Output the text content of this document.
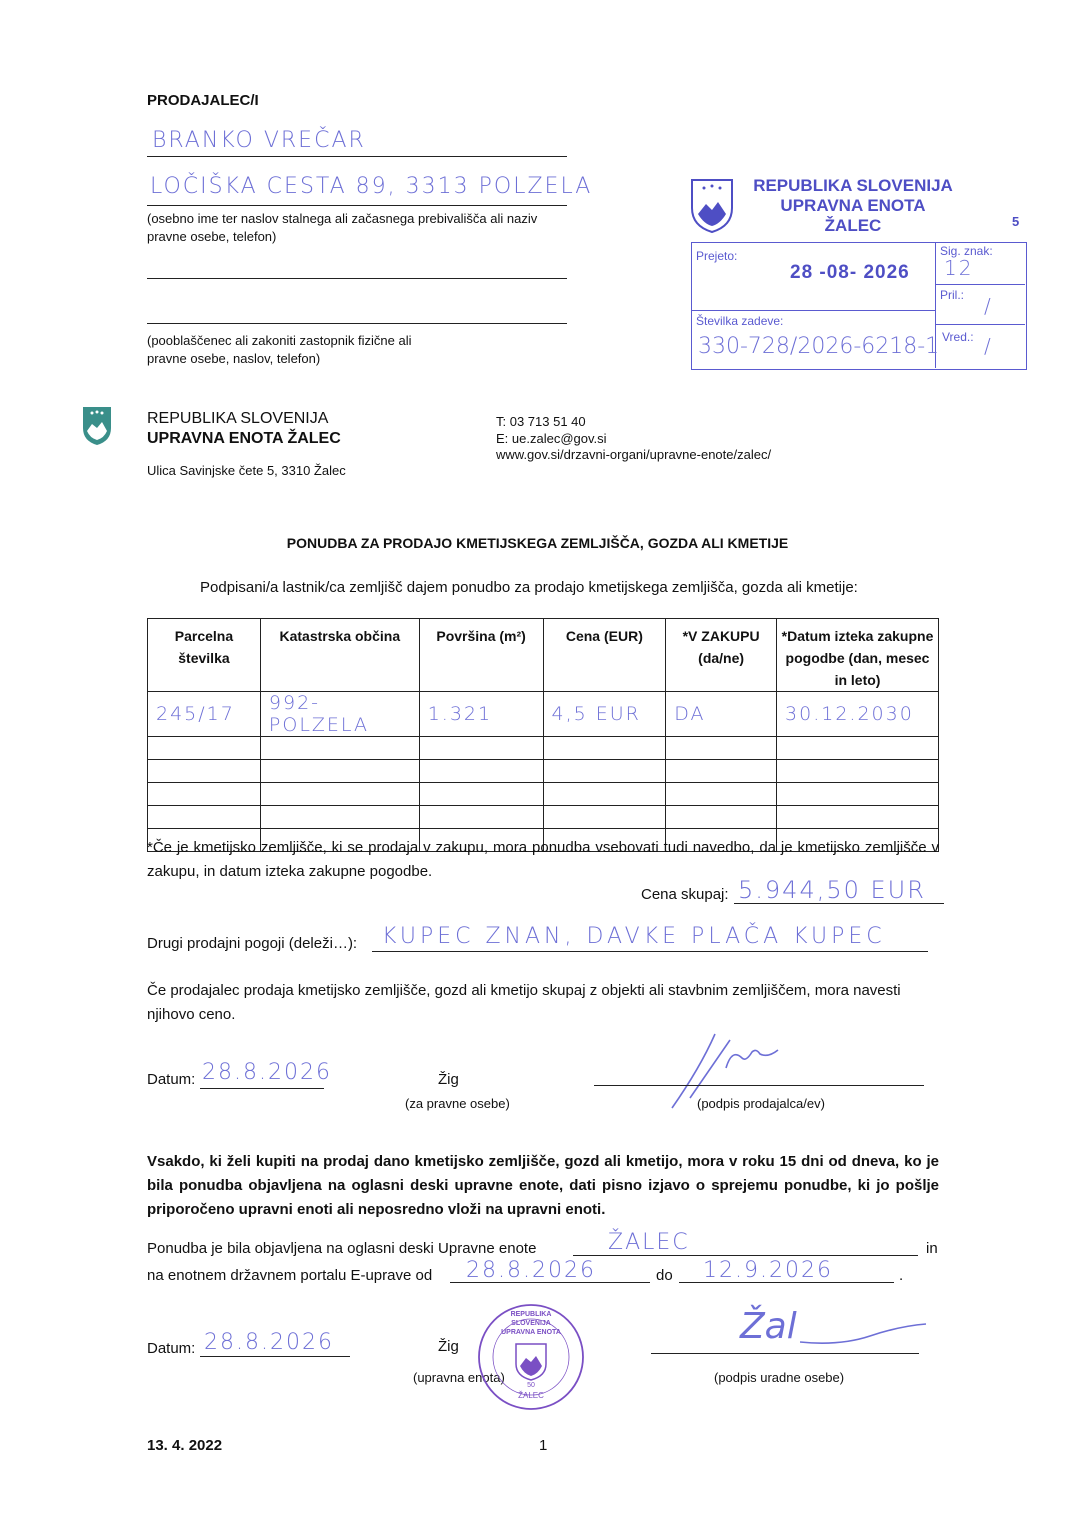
PRODAJALEC/I
BRANKO VREČAR
LOČIŠKA CESTA 89, 3313 POLZELA
(osebno ime ter naslov stalnega ali začasnega prebivališča ali naziv pravne osebe, telefon)
(pooblaščenec ali zakoniti zastopnik fizične ali pravne osebe, naslov, telefon)
REPUBLIKA SLOVENIJA
UPRAVNA ENOTA
ŽALEC	5
Prejeto:
28 -08- 2026
Sig. znak:
12
Pril.: /
Številka zadeve:
330-728/2026-6218-1 Vred.: /
REPUBLIKA SLOVENIJA
UPRAVNA ENOTA ŽALEC
Ulica Savinjske čete 5, 3310 Žalec
T: 03 713 51 40
E: ue.zalec@gov.si
www.gov.si/drzavni-organi/upravne-enote/zalec/
PONUDBA ZA PRODAJO KMETIJSKEGA ZEMLJIŠČA, GOZDA ALI KMETIJE
Podpisani/a lastnik/ca zemljišč dajem ponudbo za prodajo kmetijskega zemljišča, gozda ali kmetije:
Parcelna številka	Katastrska občina	Površina (m²)	Cena (EUR)	*V ZAKUPU (da/ne)	*Datum izteka zakupne pogodbe (dan, mesec in leto)
245/17	992-POLZELA	1.321	4,5 EUR	DA	30.12.2030

*Če je kmetijsko zemljišče, ki se prodaja v zakupu, mora ponudba vsebovati tudi navedbo, da je kmetijsko zemljišče v zakupu, in datum izteka zakupne pogodbe.
Cena skupaj: 5.944,50 EUR
Drugi prodajni pogoji (deleži…): KUPEC ZNAN, DAVKE PLAČA KUPEC
Če prodajalec prodaja kmetijsko zemljišče, gozd ali kmetijo skupaj z objekti ali stavbnim zemljiščem, mora navesti njihovo ceno.
Datum: 28.8.2026	Žig
(za pravne osebe)	(podpis prodajalca/ev)
Vsakdo, ki želi kupiti na prodaj dano kmetijsko zemljišče, gozd ali kmetijo, mora v roku 15 dni od dneva, ko je bila ponudba objavljena na oglasni deski upravne enote, dati pisno izjavo o sprejemu ponudbe, ki jo pošlje priporočeno upravni enoti ali neposredno vloži na upravni enoti.
Ponudba je bila objavljena na oglasni deski Upravne enote	ŽALEC	in
na enotnem državnem portalu E-uprave od 28.8.2026	do 12.9.2026	.
Datum: 28.8.2026	Žig
(upravna enota)
REPUBLIKA SLOVENIJA UPRAVNA ENOTA
50
ŽALEC
Žal
(podpis uradne osebe)
13. 4. 2022	1
